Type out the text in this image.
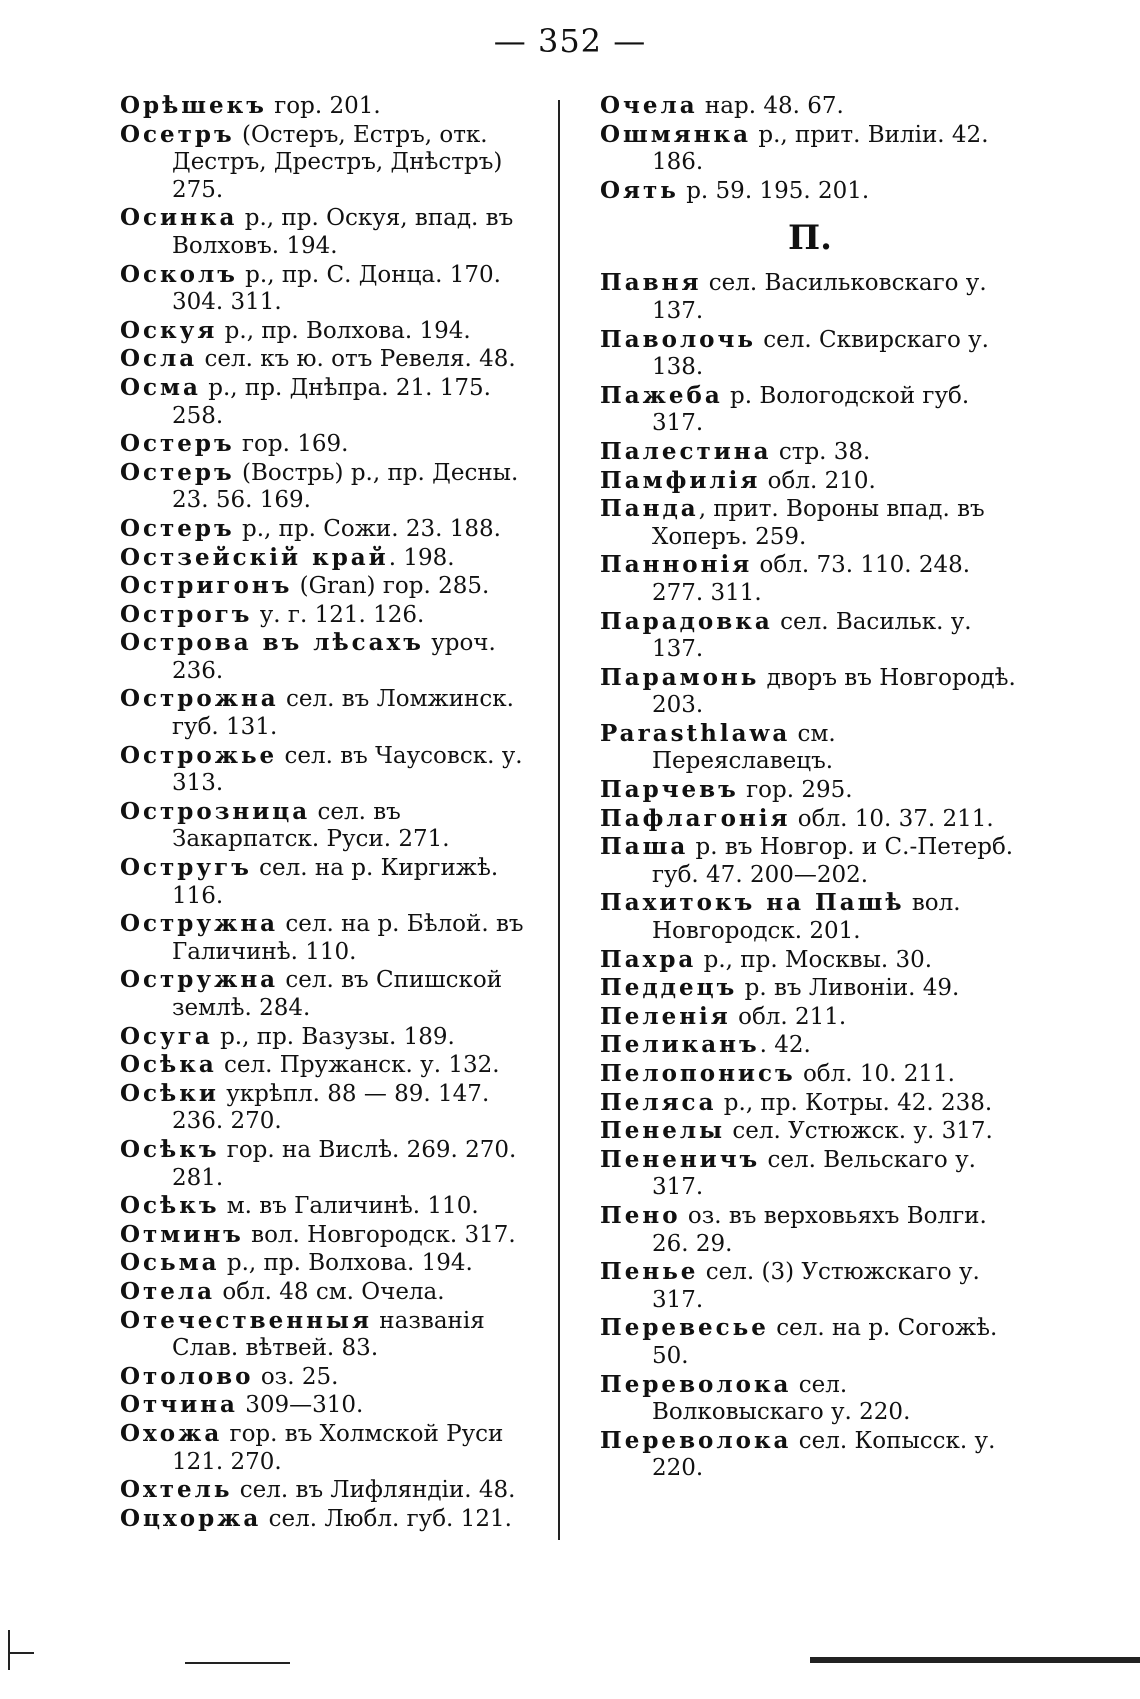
— 352 —

Орѣшекъ гор. 201.

Осетръ (Остеръ, Естръ, отк. Дестръ, Дрестръ, Днѣстръ) 275.

Осинка р., пр. Оскуя, впад. въ Волховъ. 194.

Осколъ р., пр. С. Донца. 170. 304. 311.

Оскуя р., пр. Волхова. 194.

Осла сел. къ ю. отъ Ревеля. 48.

Осма р., пр. Днѣпра. 21. 175. 258.

Остеръ гор. 169.

Остеръ (Вострь) р., пр. Десны. 23. 56. 169.

Остеръ р., пр. Сожи. 23. 188.

Остзейскій край. 198.

Остригонъ (Gran) гор. 285.

Острогъ у. г. 121. 126.

Острова въ лѣсахъ уроч. 236.

Острожна сел. въ Ломжинск. губ. 131.

Острожье сел. въ Чаусовск. у. 313.

Острозница сел. въ Закарпатск. Руси. 271.

Остругъ сел. на р. Киргижѣ. 116.

Остружна сел. на р. Бѣлой. въ Галичинѣ. 110.

Остружна сел. въ Спишской землѣ. 284.

Осуга р., пр. Вазузы. 189.

Осѣка сел. Пружанск. у. 132.

Осѣки укрѣпл. 88 — 89. 147. 236. 270.

Осѣкъ гор. на Вислѣ. 269. 270. 281.

Осѣкъ м. въ Галичинѣ. 110.

Отминъ вол. Новгородск. 317.

Осьма р., пр. Волхова. 194.

Отела обл. 48 см. Очела.

Отечественныя названія Слав. вѣтвей. 83.

Отолово оз. 25.

Отчина 309—310.

Охожа гор. въ Холмской Руси 121. 270.

Охтель сел. въ Лифляндіи. 48.

Оцхоржа сел. Любл. губ. 121.

Очела нар. 48. 67.

Ошмянка р., прит. Виліи. 42. 186.

Оять р. 59. 195. 201.

П.

Павня сел. Васильковскаго у. 137.

Паволочь сел. Сквирскаго у. 138.

Пажеба р. Вологодской губ. 317.

Палестина стр. 38.

Памфилія обл. 210.

Панда, прит. Вороны впад. въ Хоперъ. 259.

Паннонія обл. 73. 110. 248. 277. 311.

Парадовка сел. Васильк. у. 137.

Парамонь дворъ въ Новгородѣ. 203.

Parasthlawa см. Переяславецъ.

Парчевъ гор. 295.

Пафлагонія обл. 10. 37. 211.

Паша р. въ Новгор. и С.-Петерб. губ. 47. 200—202.

Пахитокъ на Пашѣ вол. Новгородск. 201.

Пахра р., пр. Москвы. 30.

Педдецъ р. въ Ливоніи. 49.

Пеленія обл. 211.

Пеликанъ. 42.

Пелопонисъ обл. 10. 211.

Пеляса р., пр. Котры. 42. 238.

Пенелы сел. Устюжск. у. 317.

Пененичъ сел. Вельскаго у. 317.

Пено оз. въ верховьяхъ Волги. 26. 29.

Пенье сел. (3) Устюжскаго у. 317.

Перевесье сел. на р. Согожѣ. 50.

Переволока сел. Волковыскаго у. 220.

Переволока сел. Копысск. у. 220.
